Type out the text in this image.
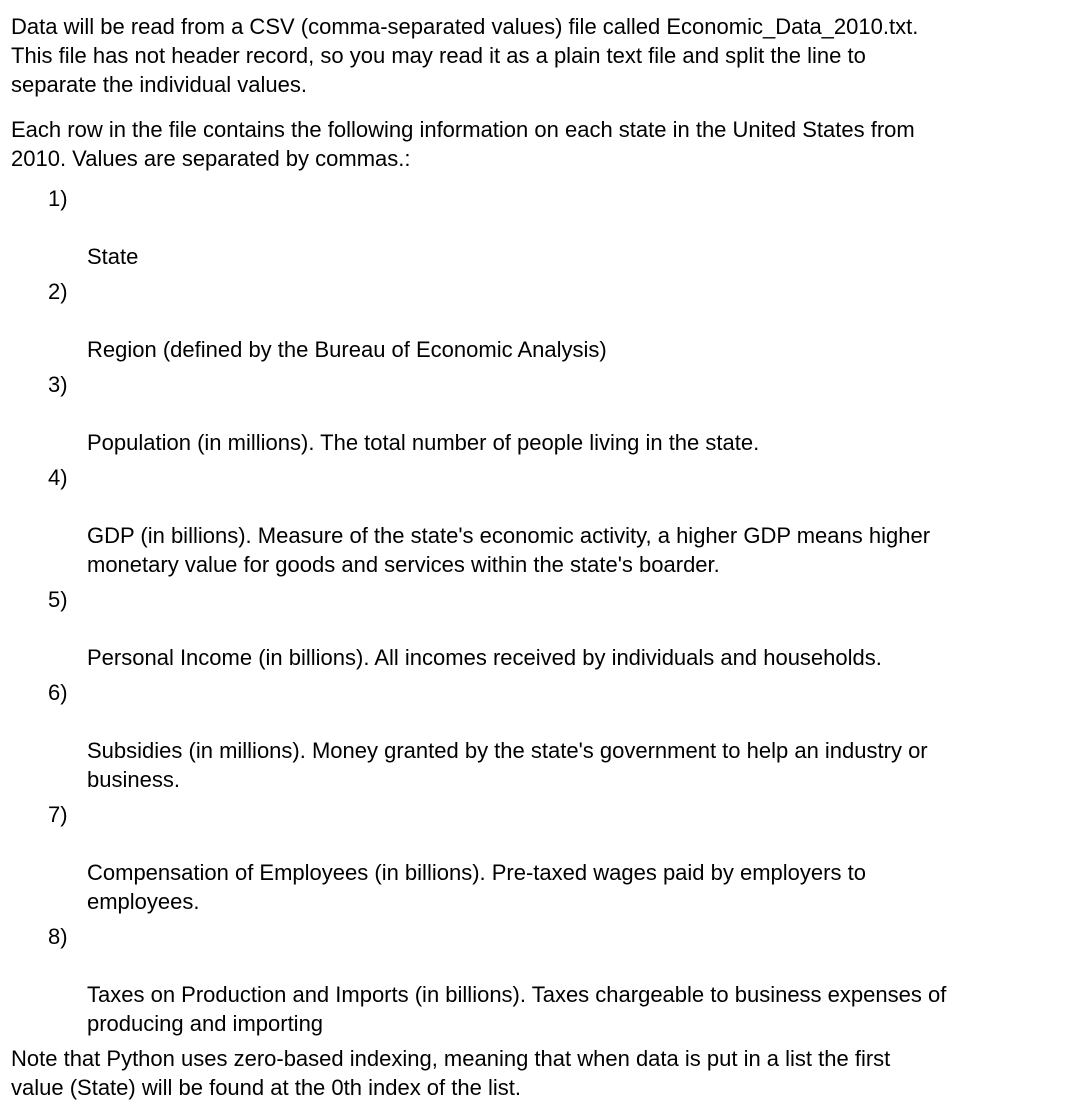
Data will be read from a CSV (comma-separated values) file called Economic_Data_2010.txt.
This file has not header record, so you may read it as a plain text file and split the line to
separate the individual values.

Each row in the file contains the following information on each state in the United States from
2010. Values are separated by commas.:

1)

State

2)

Region (defined by the Bureau of Economic Analysis)

3)

Population (in millions). The total number of people living in the state.

4)

GDP (in billions). Measure of the state's economic activity, a higher GDP means higher
monetary value for goods and services within the state's boarder.

5)

Personal Income (in billions). All incomes received by individuals and households.

6)

Subsidies (in millions). Money granted by the state's government to help an industry or
business.

7)

Compensation of Employees (in billions). Pre-taxed wages paid by employers to
employees.

8)

Taxes on Production and Imports (in billions). Taxes chargeable to business expenses of
producing and importing

Note that Python uses zero-based indexing, meaning that when data is put in a list the first
value (State) will be found at the 0th index of the list.
